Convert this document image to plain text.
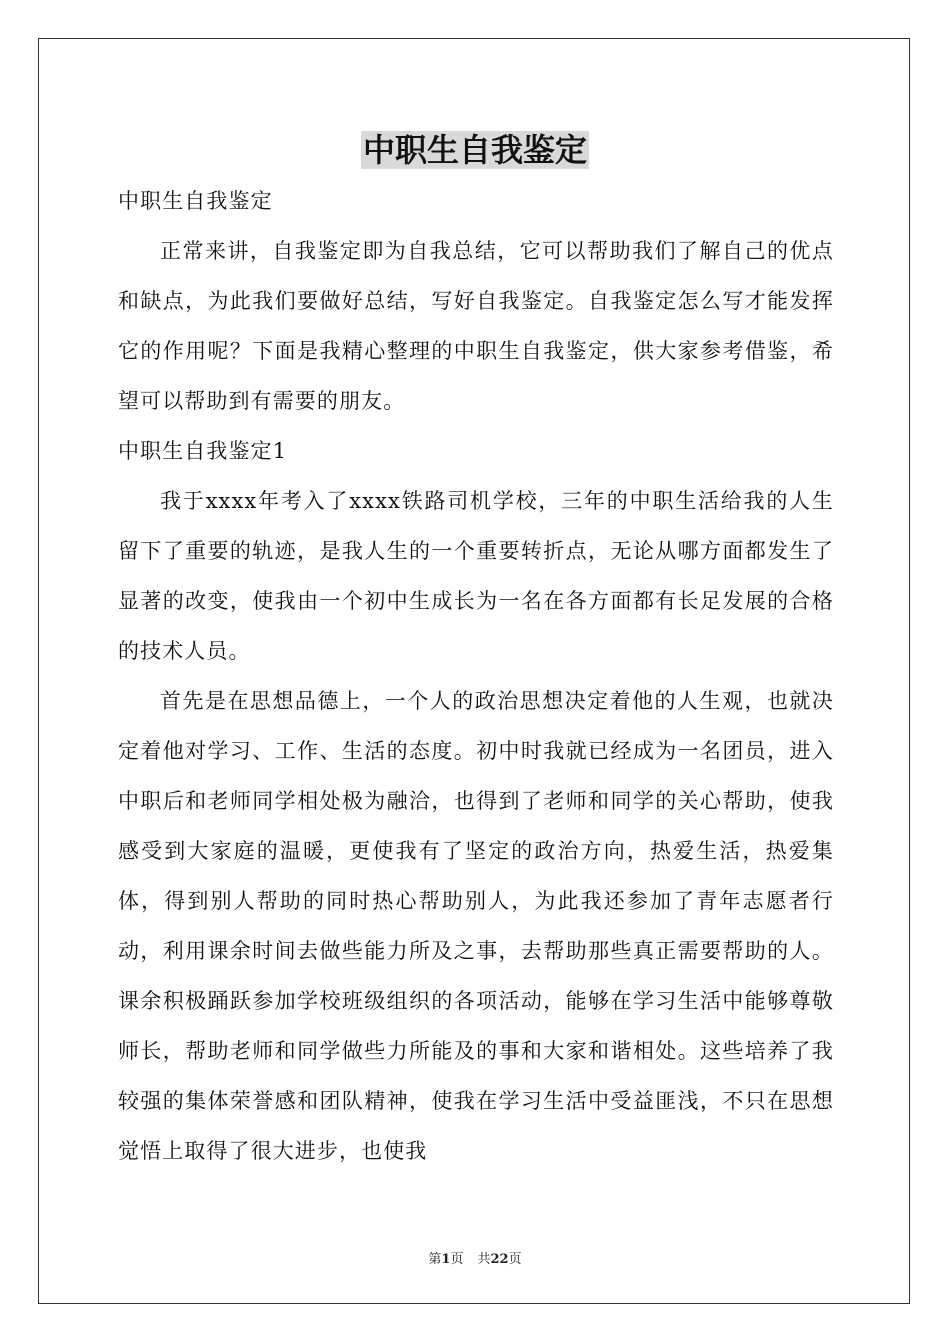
中职生自我鉴定

中职生自我鉴定

正常来讲，自我鉴定即为自我总结，它可以帮助我们了解自己的优点和缺点，为此我们要做好总结，写好自我鉴定。自我鉴定怎么写才能发挥它的作用呢？下面是我精心整理的中职生自我鉴定，供大家参考借鉴，希望可以帮助到有需要的朋友。

中职生自我鉴定1

我于xxxx年考入了xxxx铁路司机学校，三年的中职生活给我的人生留下了重要的轨迹，是我人生的一个重要转折点，无论从哪方面都发生了显著的改变，使我由一个初中生成长为一名在各方面都有长足发展的合格的技术人员。

首先是在思想品德上，一个人的政治思想决定着他的人生观，也就决定着他对学习、工作、生活的态度。初中时我就已经成为一名团员，进入中职后和老师同学相处极为融洽，也得到了老师和同学的关心帮助，使我感受到大家庭的温暖，更使我有了坚定的政治方向，热爱生活，热爱集体，得到别人帮助的同时热心帮助别人，为此我还参加了青年志愿者行动，利用课余时间去做些能力所及之事，去帮助那些真正需要帮助的人。课余积极踊跃参加学校班级组织的各项活动，能够在学习生活中能够尊敬师长，帮助老师和同学做些力所能及的事和大家和谐相处。这些培养了我较强的集体荣誉感和团队精神，使我在学习生活中受益匪浅，不只在思想觉悟上取得了很大进步，也使我

第1页 共22页
